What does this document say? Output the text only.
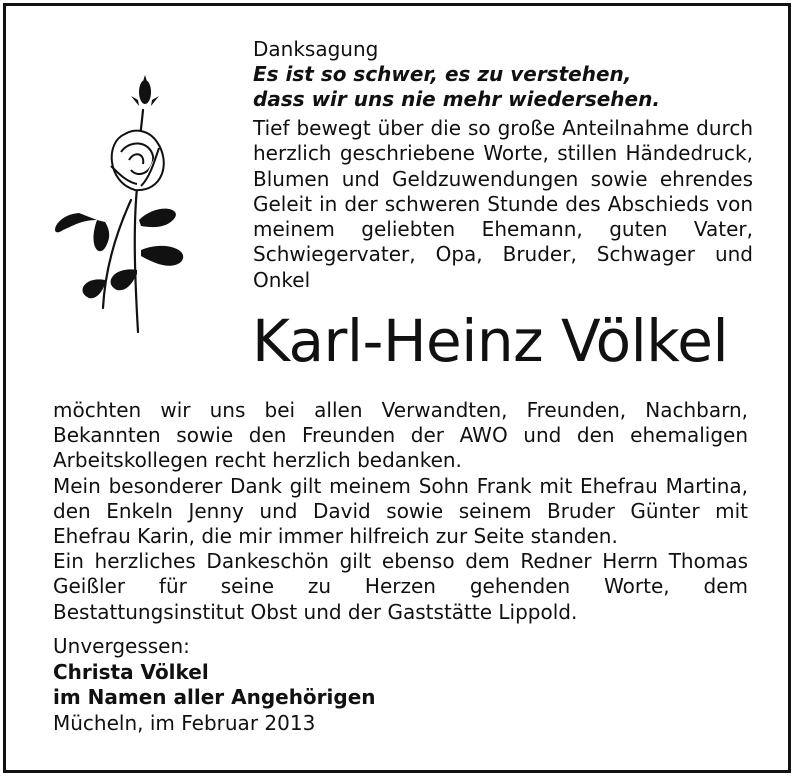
Danksagung

Es ist so schwer, es zu verstehen,

dass wir uns nie mehr wiedersehen.

Tief bewegt über die so große Anteilnahme durch herzlich geschriebene Worte, stillen Händedruck, Blumen und Geldzuwendungen sowie ehrendes Geleit in der schweren Stunde des Abschieds von meinem geliebten Ehemann, guten Vater, Schwiegervater, Opa, Bruder, Schwager und Onkel

Karl-Heinz Völkel

möchten wir uns bei allen Verwandten, Freunden, Nachbarn, Bekannten sowie den Freunden der AWO und den ehemaligen Arbeitskollegen recht herzlich bedanken.

Mein besonderer Dank gilt meinem Sohn Frank mit Ehefrau Martina, den Enkeln Jenny und David sowie seinem Bruder Günter mit Ehefrau Karin, die mir immer hilfreich zur Seite standen.

Ein herzliches Dankeschön gilt ebenso dem Redner Herrn Thomas Geißler für seine zu Herzen gehenden Worte, dem Bestattungsinstitut Obst und der Gaststätte Lippold.

Unvergessen:

Christa Völkel

im Namen aller Angehörigen

Mücheln, im Februar 2013
